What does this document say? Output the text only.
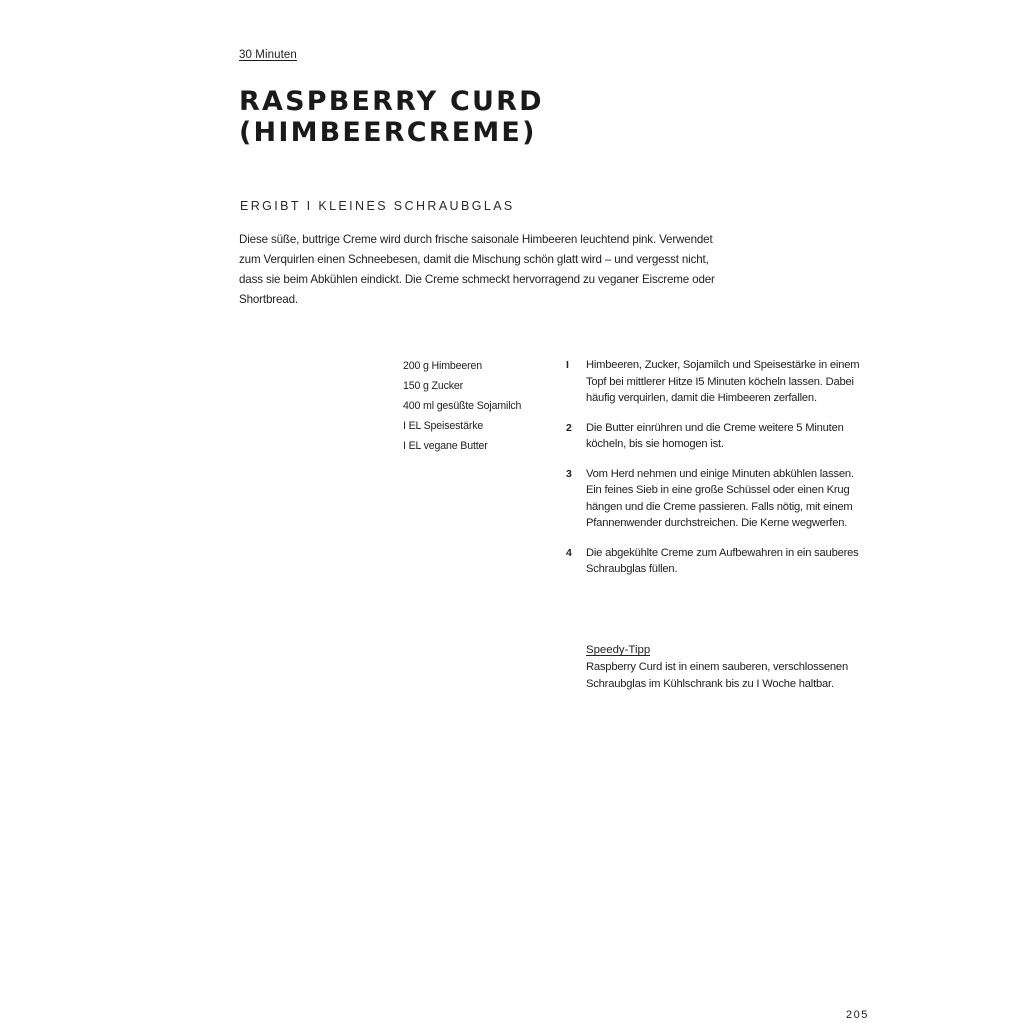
30 Minuten
RASPBERRY CURD
(HIMBEERCREME)
ERGIBT I KLEINES SCHRAUBGLAS

Diese süße, buttrige Creme wird durch frische saisonale Himbeeren leuchtend pink. Verwendet zum Verquirlen einen Schneebesen, damit die Mischung schön glatt wird – und vergesst nicht, dass sie beim Abkühlen eindickt. Die Creme schmeckt hervorragend zu veganer Eiscreme oder Shortbread.

200 g Himbeeren
150 g Zucker
400 ml gesüßte Sojamilch
I EL Speisestärke
I EL vegane Butter
I Himbeeren, Zucker, Sojamilch und Speisestärke in einem Topf bei mittlerer Hitze I5 Minuten köcheln lassen. Dabei häufig verquirlen, damit die Himbeeren zerfallen.
2 Die Butter einrühren und die Creme weitere 5 Minuten köcheln, bis sie homogen ist.
3 Vom Herd nehmen und einige Minuten abkühlen lassen. Ein feines Sieb in eine große Schüssel oder einen Krug hängen und die Creme passieren. Falls nötig, mit einem Pfannenwender durchstreichen. Die Kerne wegwerfen.
4 Die abgekühlte Creme zum Aufbewahren in ein sauberes Schraubglas füllen.
Speedy-Tipp
Raspberry Curd ist in einem sauberen, verschlossenen Schraubglas im Kühlschrank bis zu I Woche haltbar.
205
